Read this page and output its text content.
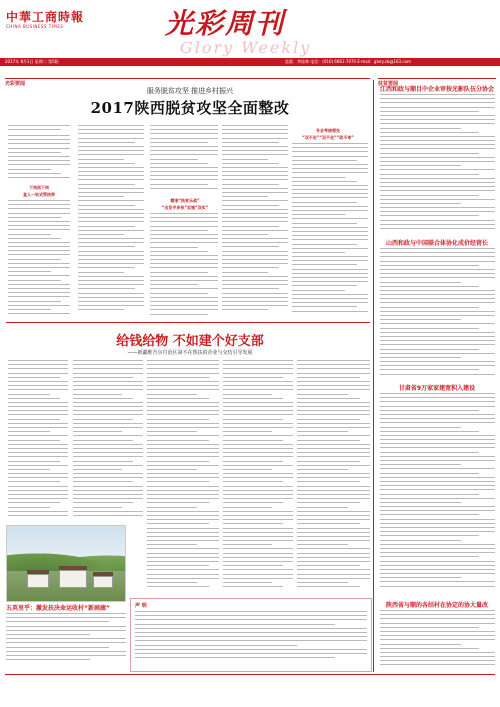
中華工商時報
CHINA BUSINESS TIMES	光彩周刊
Glory Weekly
2017年 8月1日 星期二 第5版	监版：李桂林 电话：(010) 6661-7070 E-mail：glory.cb@163.com
光彩要闻	扶贫要闻
服务脱贫攻坚 推进乡村振兴
2017陕西脱贫攻坚全面整改
下岗再下岗
直人一站式帮扶带
精准“扶贫乐战”
“出发平多扶”实施“双实”
专业考核领先
“双不走”“双不走”“政不审”
给钱给物 不如建个好支部
——新疆维吾尔自治区第不在帮扶的企业与交结引导发展
五英里乎：激发扶决命运收村“新画廊”	声 明
江西和政与顺目中企业审按光影队伍分协会
山西和政与中国联合体协化成价经营长
甘肃省9万家家建宽积入建设
陕西省与顺的各结村在协定的协大量改
